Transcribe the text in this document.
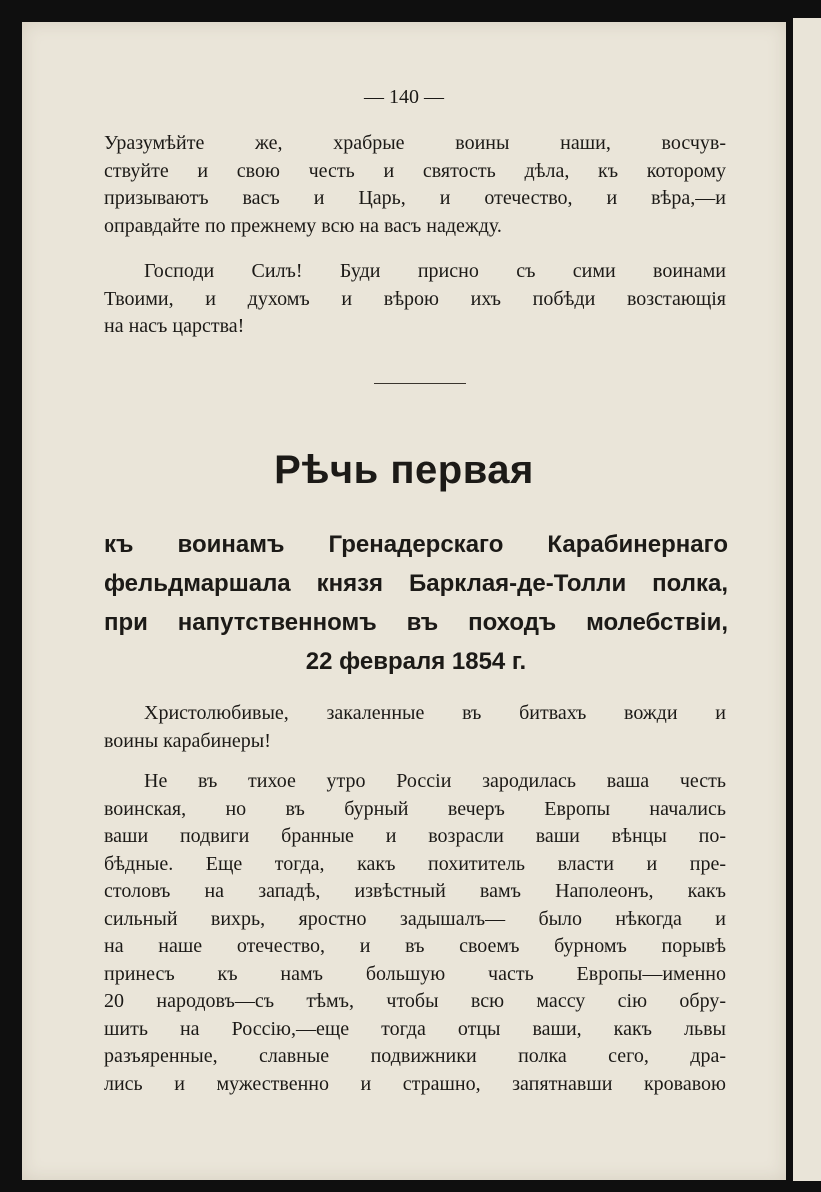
— 140 —

Уразумѣйте же, храбрые воины наши, восчув-
ствуйте и свою честь и святость дѣла, къ которому
призываютъ васъ и Царь, и отечество, и вѣра,—и
оправдайте по прежнему всю на васъ надежду.

Господи Силъ! Буди присно съ сими воинами
Твоими, и духомъ и вѣрою ихъ побѣди возстающія
на насъ царства!

Рѣчь первая
къ воинамъ Гренадерскаго Карабинернаго
фельдмаршала князя Барклая-де-Толли полка,
при напутственномъ въ походъ молебствіи,
22 февраля 1854 г.

Христолюбивые, закаленные въ битвахъ вожди и
воины карабинеры!

Не въ тихое утро Россіи зародилась ваша честь
воинская, но въ бурный вечеръ Европы начались
ваши подвиги бранные и возрасли ваши вѣнцы по-
бѣдные. Еще тогда, какъ похититель власти и пре-
столовъ на западѣ, извѣстный вамъ Наполеонъ, какъ
сильный вихрь, яростно задышалъ— было нѣкогда и
на наше отечество, и въ своемъ бурномъ порывѣ
принесъ къ намъ большую часть Европы—именно
20 народовъ—съ тѣмъ, чтобы всю массу сію обру-
шить на Россію,—еще тогда отцы ваши, какъ львы
разъяренные, славные подвижники полка сего, дра-
лись и мужественно и страшно, запятнавши кровавою
